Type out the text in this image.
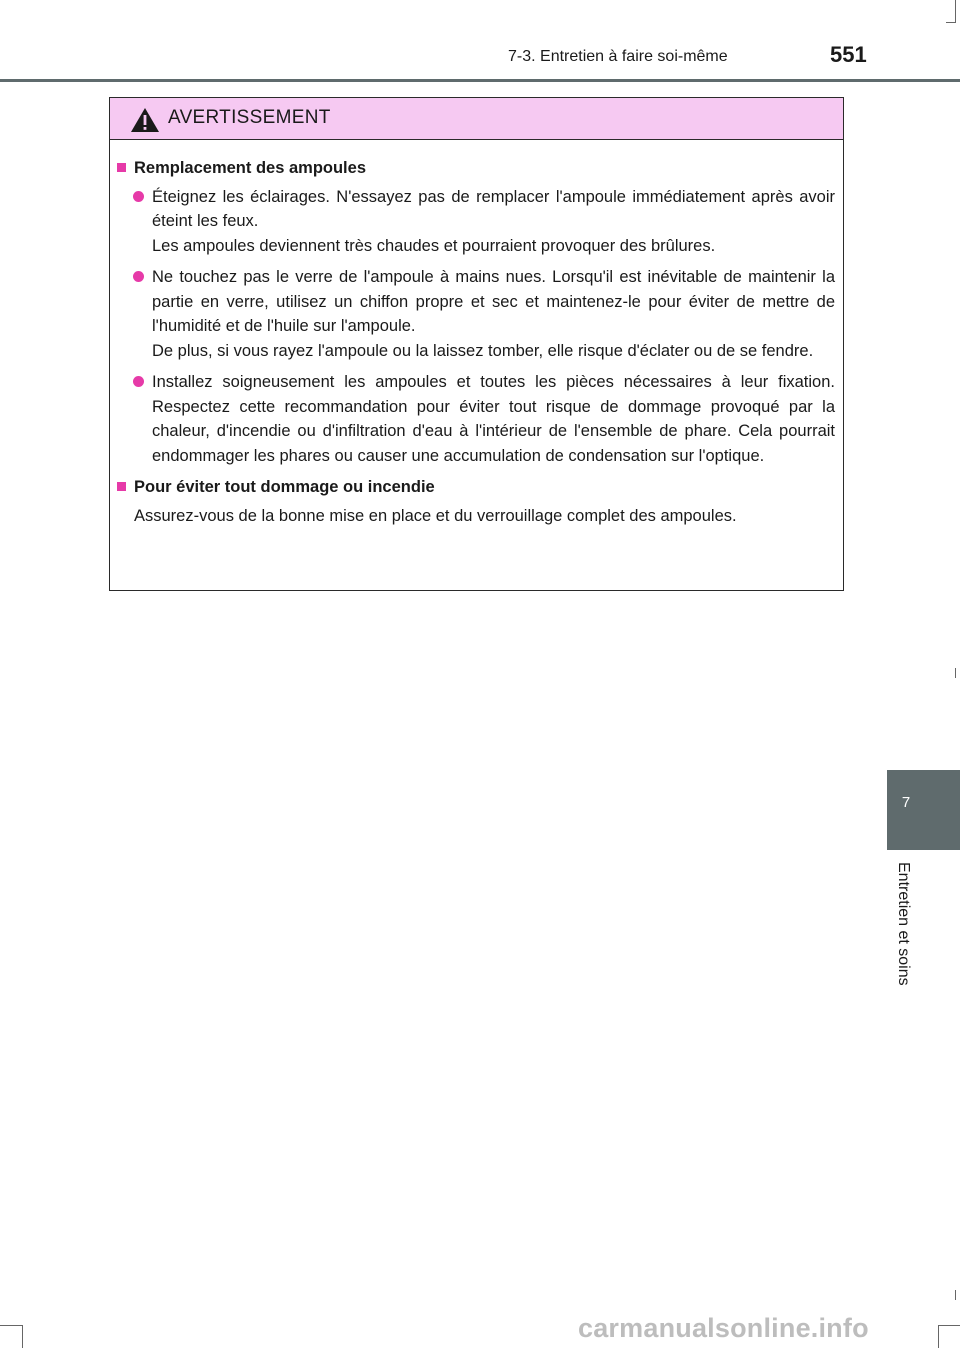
7-3. Entretien à faire soi-même	551
AVERTISSEMENT
Remplacement des ampoules

Éteignez les éclairages. N'essayez pas de remplacer l'ampoule immédiatement après avoir éteint les feux.

Les ampoules deviennent très chaudes et pourraient provoquer des brûlures.

Ne touchez pas le verre de l'ampoule à mains nues. Lorsqu'il est inévitable de maintenir la partie en verre, utilisez un chiffon propre et sec et maintenez-le pour éviter de mettre de l'humidité et de l'huile sur l'ampoule.

De plus, si vous rayez l'ampoule ou la laissez tomber, elle risque d'éclater ou de se fendre.

Installez soigneusement les ampoules et toutes les pièces nécessaires à leur fixation. Respectez cette recommandation pour éviter tout risque de dommage provoqué par la chaleur, d'incendie ou d'infiltration d'eau à l'intérieur de l'ensemble de phare. Cela pourrait endommager les phares ou causer une accumulation de condensation sur l'optique.

Pour éviter tout dommage ou incendie

Assurez-vous de la bonne mise en place et du verrouillage complet des ampoules.

7
Entretien et soins
carmanualsonline.info
